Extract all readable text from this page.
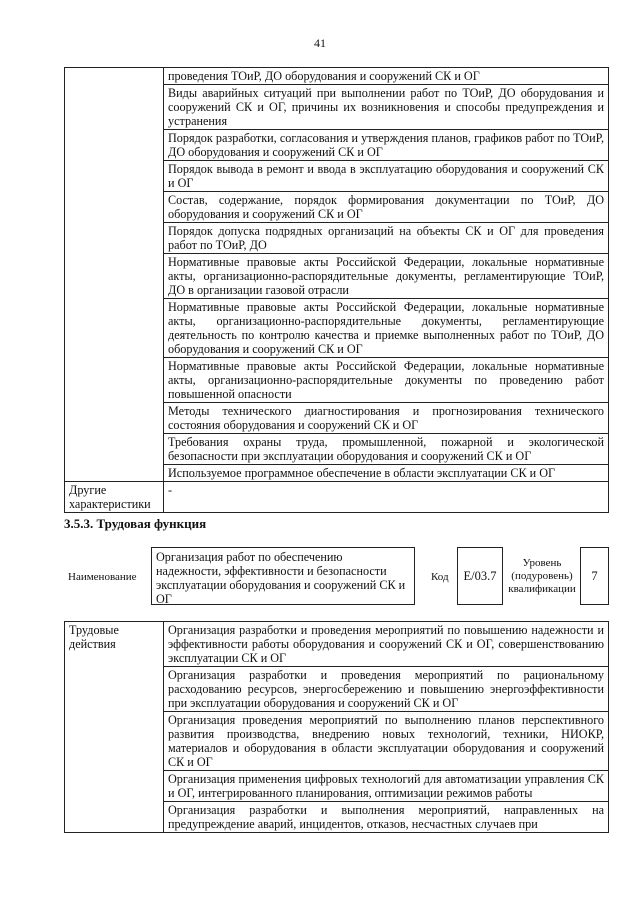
41
	проведения ТОиР, ДО оборудования и сооружений СК и ОГ
	Виды аварийных ситуаций при выполнении работ по ТОиР, ДО оборудования и сооружений СК и ОГ, причины их возникновения и способы предупреждения и устранения
	Порядок разработки, согласования и утверждения планов, графиков работ по ТОиР, ДО оборудования и сооружений СК и ОГ
	Порядок вывода в ремонт и ввода в эксплуатацию оборудования и сооружений СК и ОГ
	Состав, содержание, порядок формирования документации по ТОиР, ДО оборудования и сооружений СК и ОГ
	Порядок допуска подрядных организаций на объекты СК и ОГ для проведения работ по ТОиР, ДО
	Нормативные правовые акты Российской Федерации, локальные нормативные акты, организационно-распорядительные документы, регламентирующие ТОиР, ДО в организации газовой отрасли
	Нормативные правовые акты Российской Федерации, локальные нормативные акты, организационно-распорядительные документы, регламентирующие деятельность по контролю качества и приемке выполненных работ по ТОиР, ДО оборудования и сооружений СК и ОГ
	Нормативные правовые акты Российской Федерации, локальные нормативные акты, организационно-распорядительные документы по проведению работ повышенной опасности
	Методы технического диагностирования и прогнозирования технического состояния оборудования и сооружений СК и ОГ
	Требования охраны труда, промышленной, пожарной и экологической безопасности при эксплуатации оборудования и сооружений СК и ОГ
	Используемое программное обеспечение в области эксплуатации СК и ОГ
Другие характеристики	-
3.5.3. Трудовая функция
Наименование
Организация работ по обеспечению надежности, эффективности и безопасности эксплуатации оборудования и сооружений СК и ОГ
Код	E/03.7
Уровень (подуровень) квалификации
7
Трудовые действия	Организация разработки и проведения мероприятий по повышению надежности и эффективности работы оборудования и сооружений СК и ОГ, совершенствованию эксплуатации СК и ОГ
Организация разработки и проведения мероприятий по рациональному расходованию ресурсов, энергосбережению и повышению энергоэффективности при эксплуатации оборудования и сооружений СК и ОГ
Организация проведения мероприятий по выполнению планов перспективного развития производства, внедрению новых технологий, техники, НИОКР, материалов и оборудования в области эксплуатации оборудования и сооружений СК и ОГ
Организация применения цифровых технологий для автоматизации управления СК и ОГ, интегрированного планирования, оптимизации режимов работы
Организация разработки и выполнения мероприятий, направленных на предупреждение аварий, инцидентов, отказов, несчастных случаев при
